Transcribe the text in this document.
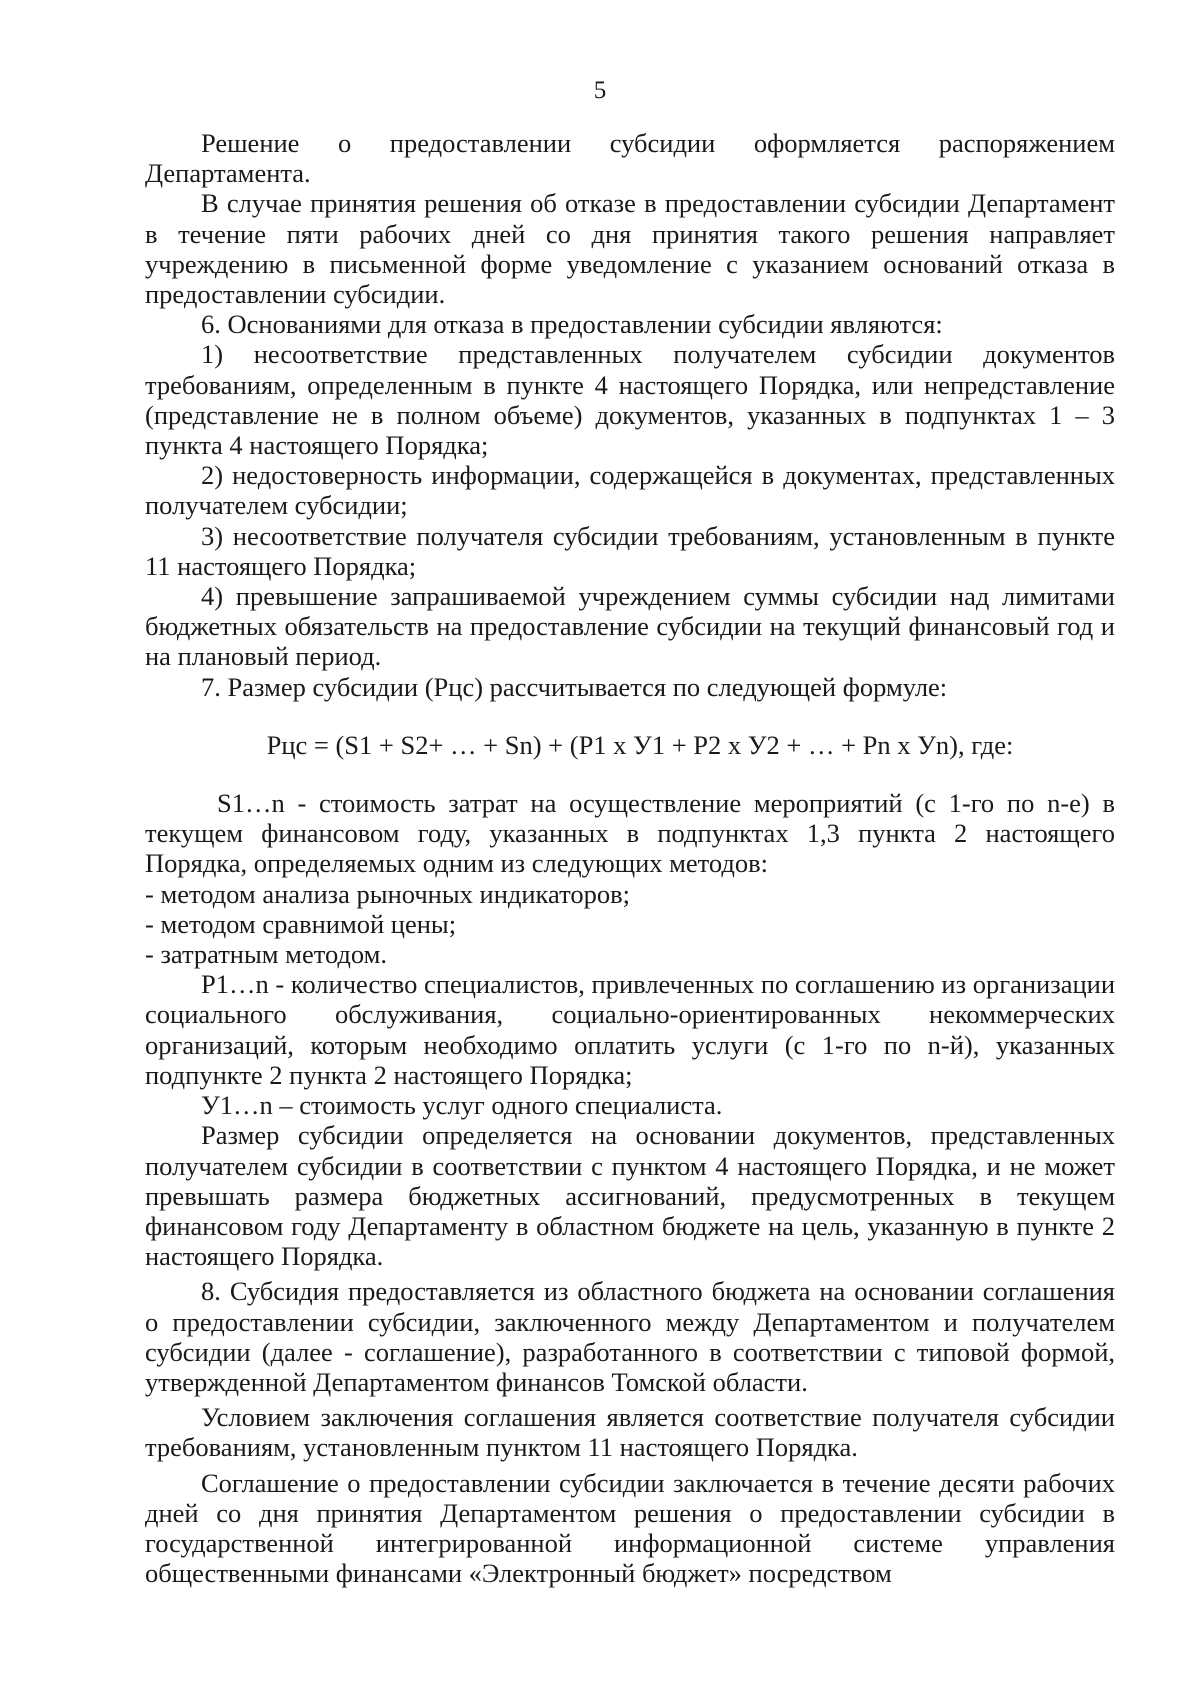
5

Решение о предоставлении субсидии оформляется распоряжением Департамента.

В случае принятия решения об отказе в предоставлении субсидии Департамент в течение пяти рабочих дней со дня принятия такого решения направляет учреждению в письменной форме уведомление с указанием оснований отказа в предоставлении субсидии.

6. Основаниями для отказа в предоставлении субсидии являются:

1) несоответствие представленных получателем субсидии документов требованиям, определенным в пункте 4 настоящего Порядка, или непредставление (представление не в полном объеме) документов, указанных в подпунктах 1 – 3 пункта 4 настоящего Порядка;

2) недостоверность информации, содержащейся в документах, представленных получателем субсидии;

3) несоответствие получателя субсидии требованиям, установленным в пункте 11 настоящего Порядка;

4) превышение запрашиваемой учреждением суммы субсидии над лимитами бюджетных обязательств на предоставление субсидии на текущий финансовый год и на плановый период.

7. Размер субсидии (Рцс) рассчитывается по следующей формуле:

Рцс = (S1 + S2+ … + Sn) + (P1 x У1 + P2 x У2 + … + Pn x Уn), где:

S1…n - стоимость затрат на осуществление мероприятий (с 1-го по n-е) в текущем финансовом году, указанных в подпунктах 1,3 пункта 2 настоящего Порядка, определяемых одним из следующих методов:

- методом анализа рыночных индикаторов;

- методом сравнимой цены;

- затратным методом.

P1…n - количество специалистов, привлеченных по соглашению из организации социального обслуживания, социально-ориентированных некоммерческих организаций, которым необходимо оплатить услуги (с 1-го по n-й), указанных подпункте 2 пункта 2 настоящего Порядка;

У1…n – стоимость услуг одного специалиста.

Размер субсидии определяется на основании документов, представленных получателем субсидии в соответствии с пунктом 4 настоящего Порядка, и не может превышать размера бюджетных ассигнований, предусмотренных в текущем финансовом году Департаменту в областном бюджете на цель, указанную в пункте 2 настоящего Порядка.

8. Субсидия предоставляется из областного бюджета на основании соглашения о предоставлении субсидии, заключенного между Департаментом и получателем субсидии (далее - соглашение), разработанного в соответствии с типовой формой, утвержденной Департаментом финансов Томской области.

Условием заключения соглашения является соответствие получателя субсидии требованиям, установленным пунктом 11 настоящего Порядка.

Соглашение о предоставлении субсидии заключается в течение десяти рабочих дней со дня принятия Департаментом решения о предоставлении субсидии в государственной интегрированной информационной системе управления общественными финансами «Электронный бюджет» посредством
